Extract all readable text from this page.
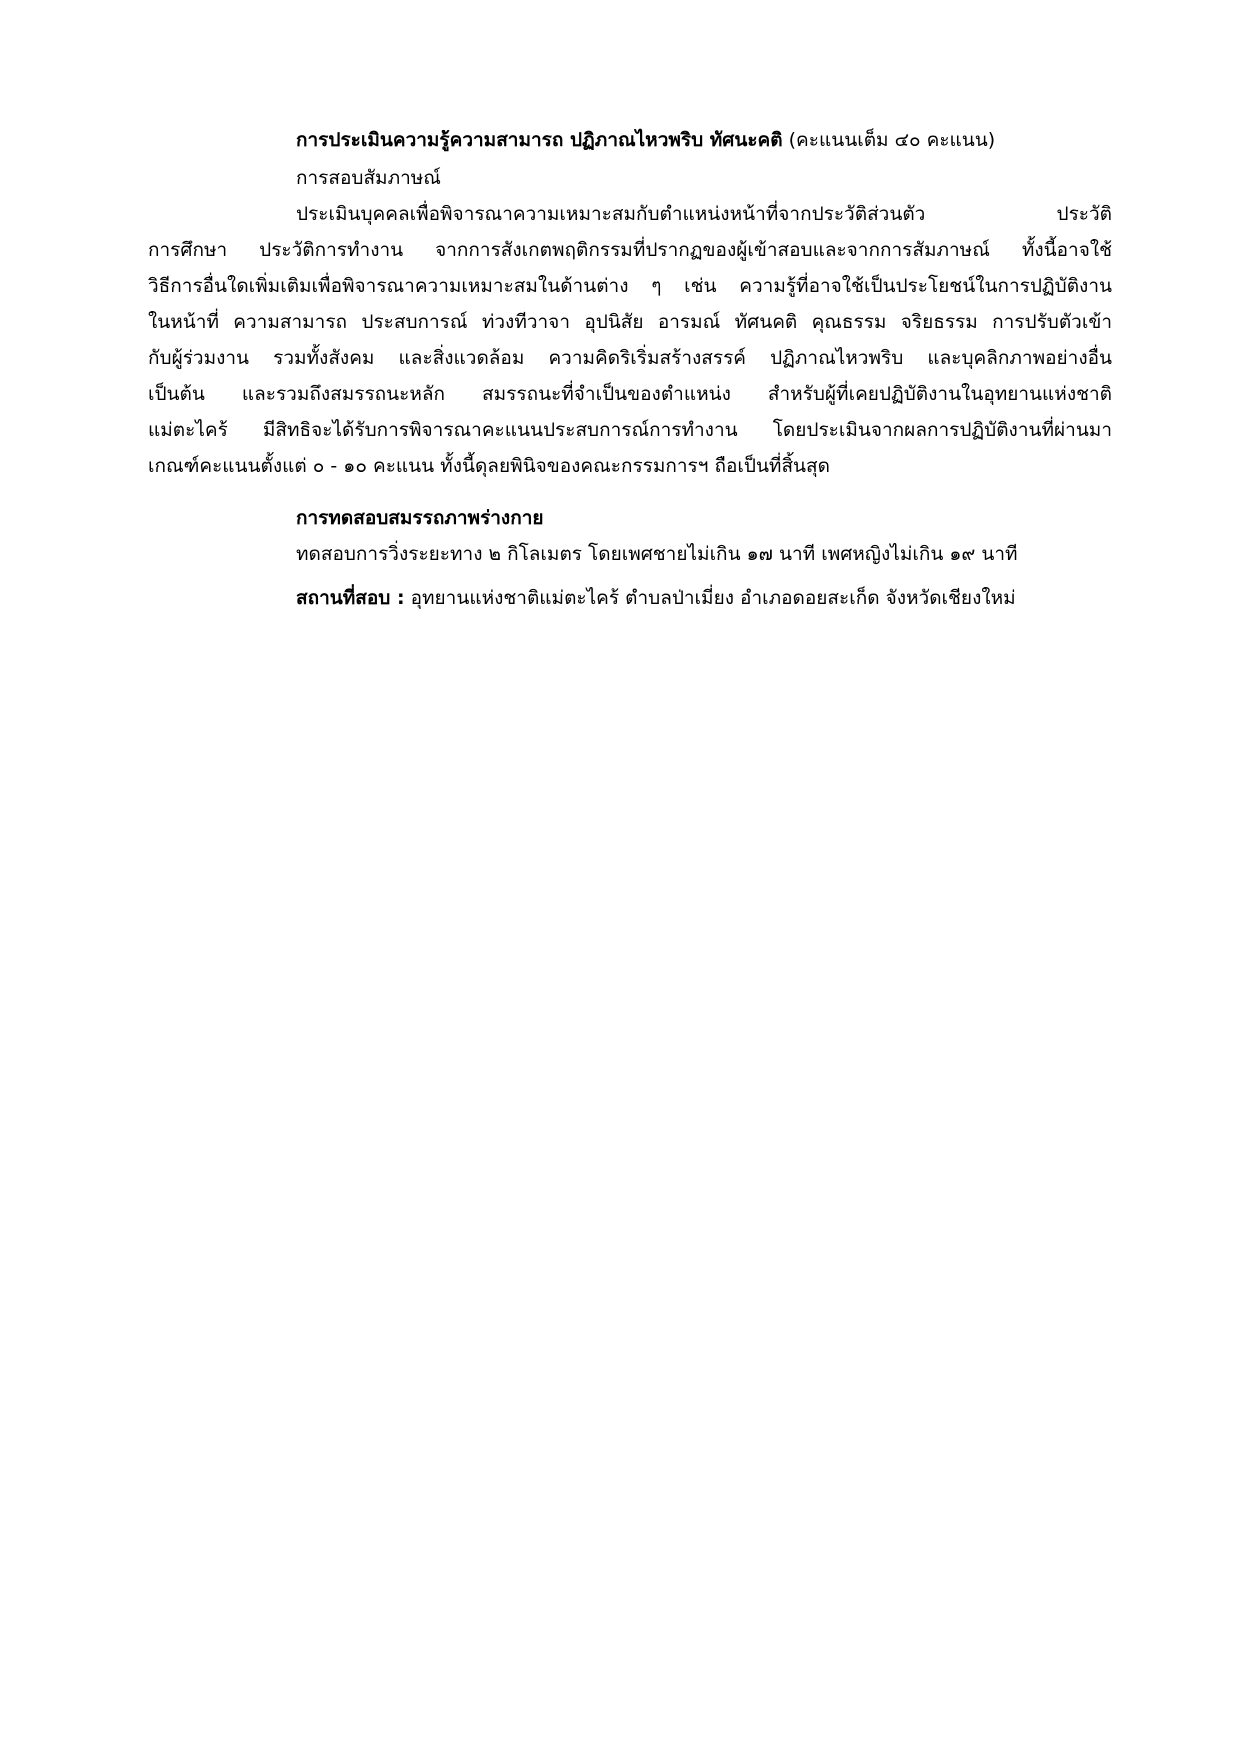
การประเมินความรู้ความสามารถ ปฏิภาณไหวพริบ ทัศนะคติ (คะแนนเต็ม ๔๐ คะแนน)
การสอบสัมภาษณ์
ประเมินบุคคลเพื่อพิจารณาความเหมาะสมกับตำแหน่งหน้าที่จากประวัติส่วนตัว ประวัติ
การศึกษา ประวัติการทำงาน จากการสังเกตพฤติกรรมที่ปรากฏของผู้เข้าสอบและจากการสัมภาษณ์ ทั้งนี้อาจใช้
วิธีการอื่นใดเพิ่มเติมเพื่อพิจารณาความเหมาะสมในด้านต่าง ๆ เช่น ความรู้ที่อาจใช้เป็นประโยชน์ในการปฏิบัติงาน
ในหน้าที่ ความสามารถ ประสบการณ์ ท่วงทีวาจา อุปนิสัย อารมณ์ ทัศนคติ คุณธรรม จริยธรรม การปรับตัวเข้า
กับผู้ร่วมงาน รวมทั้งสังคม และสิ่งแวดล้อม ความคิดริเริ่มสร้างสรรค์ ปฏิภาณไหวพริบ และบุคลิกภาพอย่างอื่น
เป็นต้น และรวมถึงสมรรถนะหลัก สมรรถนะที่จำเป็นของตำแหน่ง สำหรับผู้ที่เคยปฏิบัติงานในอุทยานแห่งชาติ
แม่ตะไคร้ มีสิทธิจะได้รับการพิจารณาคะแนนประสบการณ์การทำงาน โดยประเมินจากผลการปฏิบัติงานที่ผ่านมา
เกณฑ์คะแนนตั้งแต่ ๐ - ๑๐ คะแนน ทั้งนี้ดุลยพินิจของคณะกรรมการฯ ถือเป็นที่สิ้นสุด
การทดสอบสมรรถภาพร่างกาย
ทดสอบการวิ่งระยะทาง ๒ กิโลเมตร โดยเพศชายไม่เกิน ๑๗ นาที เพศหญิงไม่เกิน ๑๙ นาที
สถานที่สอบ : อุทยานแห่งชาติแม่ตะไคร้ ตำบลป่าเมี่ยง อำเภอดอยสะเก็ด จังหวัดเชียงใหม่
